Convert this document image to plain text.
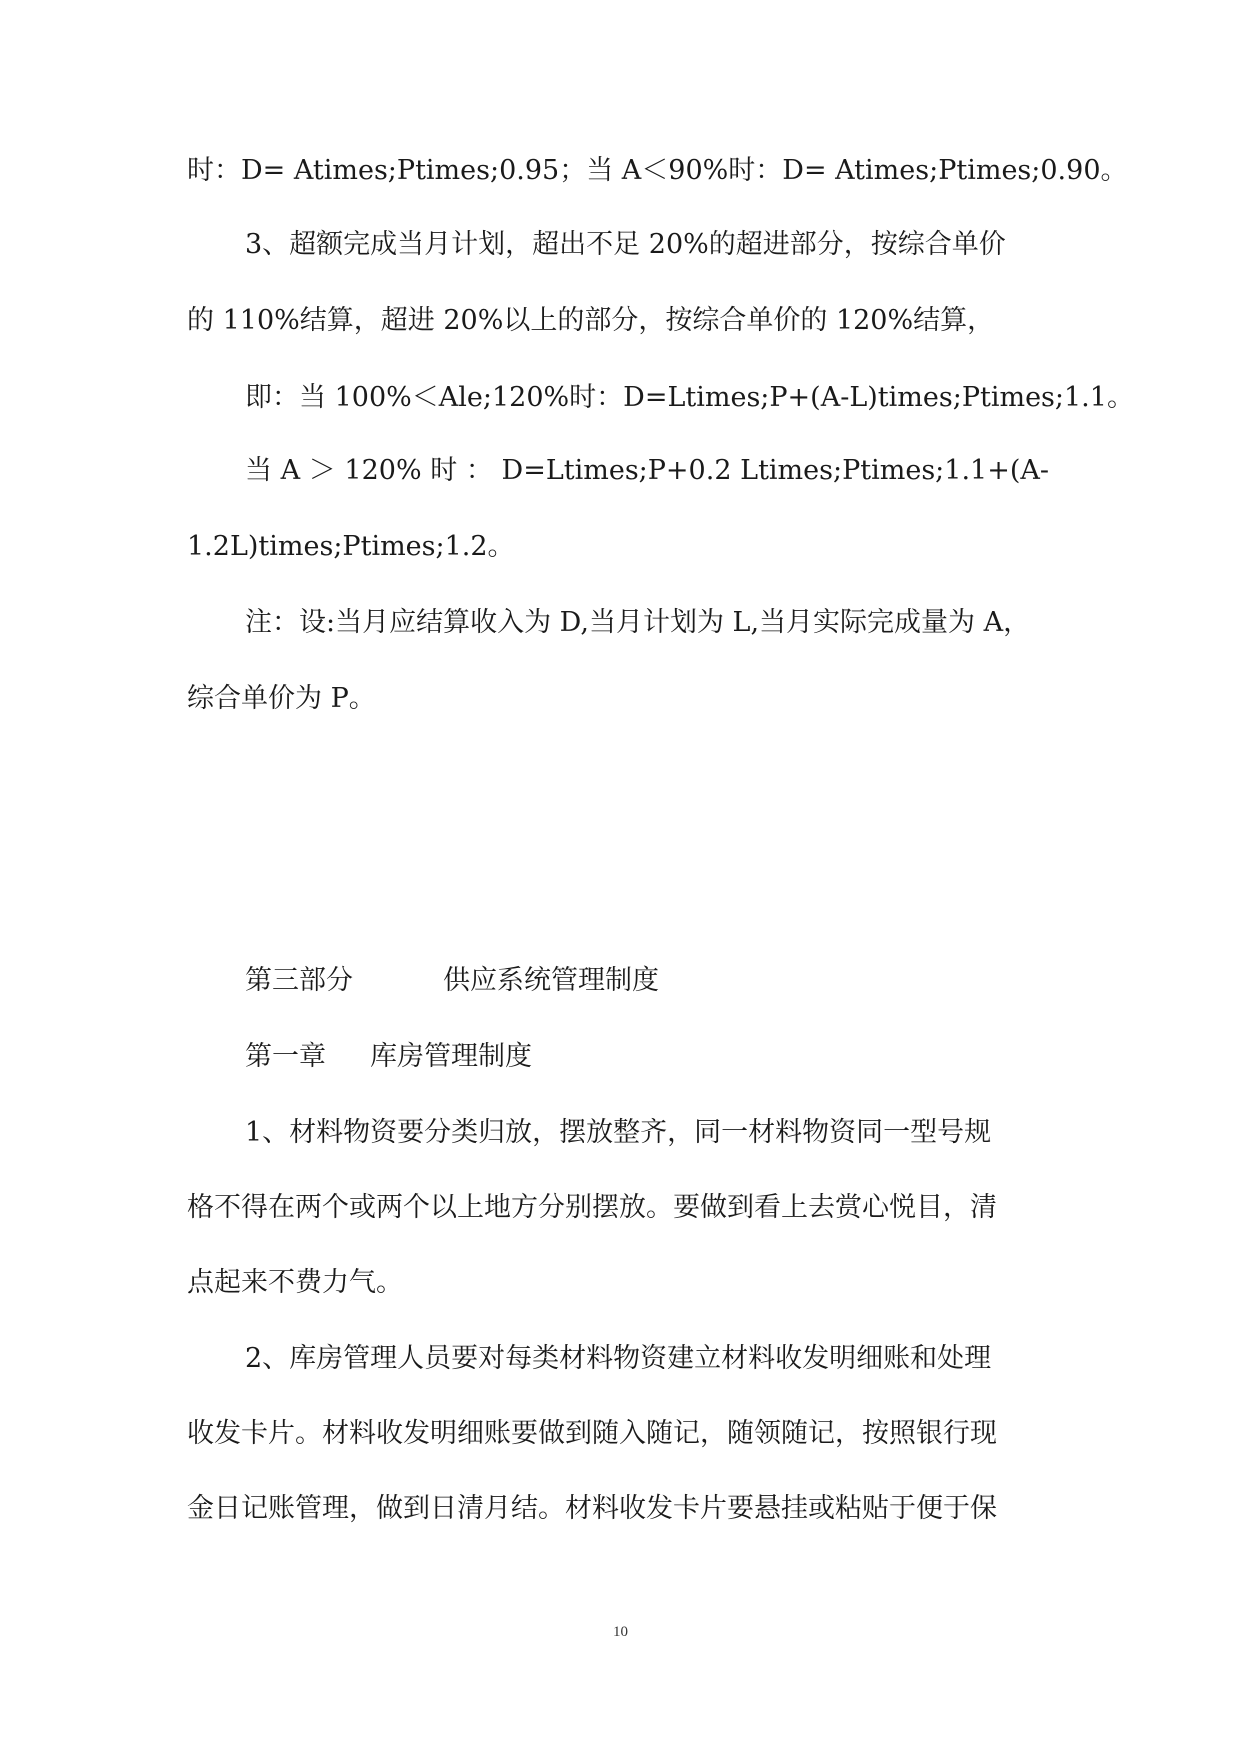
时：D= Atimes;Ptimes;0.95；当 A＜90%时：D= Atimes;Ptimes;0.90。
3、超额完成当月计划，超出不足 20%的超进部分，按综合单价
的 110%结算，超进 20%以上的部分，按综合单价的 120%结算，
即：当 100%＜Ale;120%时：D=Ltimes;P+(A-L)times;Ptimes;1.1。
当 A ＞ 120% 时 ： D=Ltimes;P+0.2 Ltimes;Ptimes;1.1+(A-
1.2L)times;Ptimes;1.2。
注：设:当月应结算收入为 D,当月计划为 L,当月实际完成量为 A，
综合单价为 P。
第三部分	供应系统管理制度
第一章 库房管理制度
1、材料物资要分类归放，摆放整齐，同一材料物资同一型号规
格不得在两个或两个以上地方分别摆放。要做到看上去赏心悦目，清
点起来不费力气。
2、库房管理人员要对每类材料物资建立材料收发明细账和处理
收发卡片。材料收发明细账要做到随入随记，随领随记，按照银行现
金日记账管理，做到日清月结。材料收发卡片要悬挂或粘贴于便于保
10
